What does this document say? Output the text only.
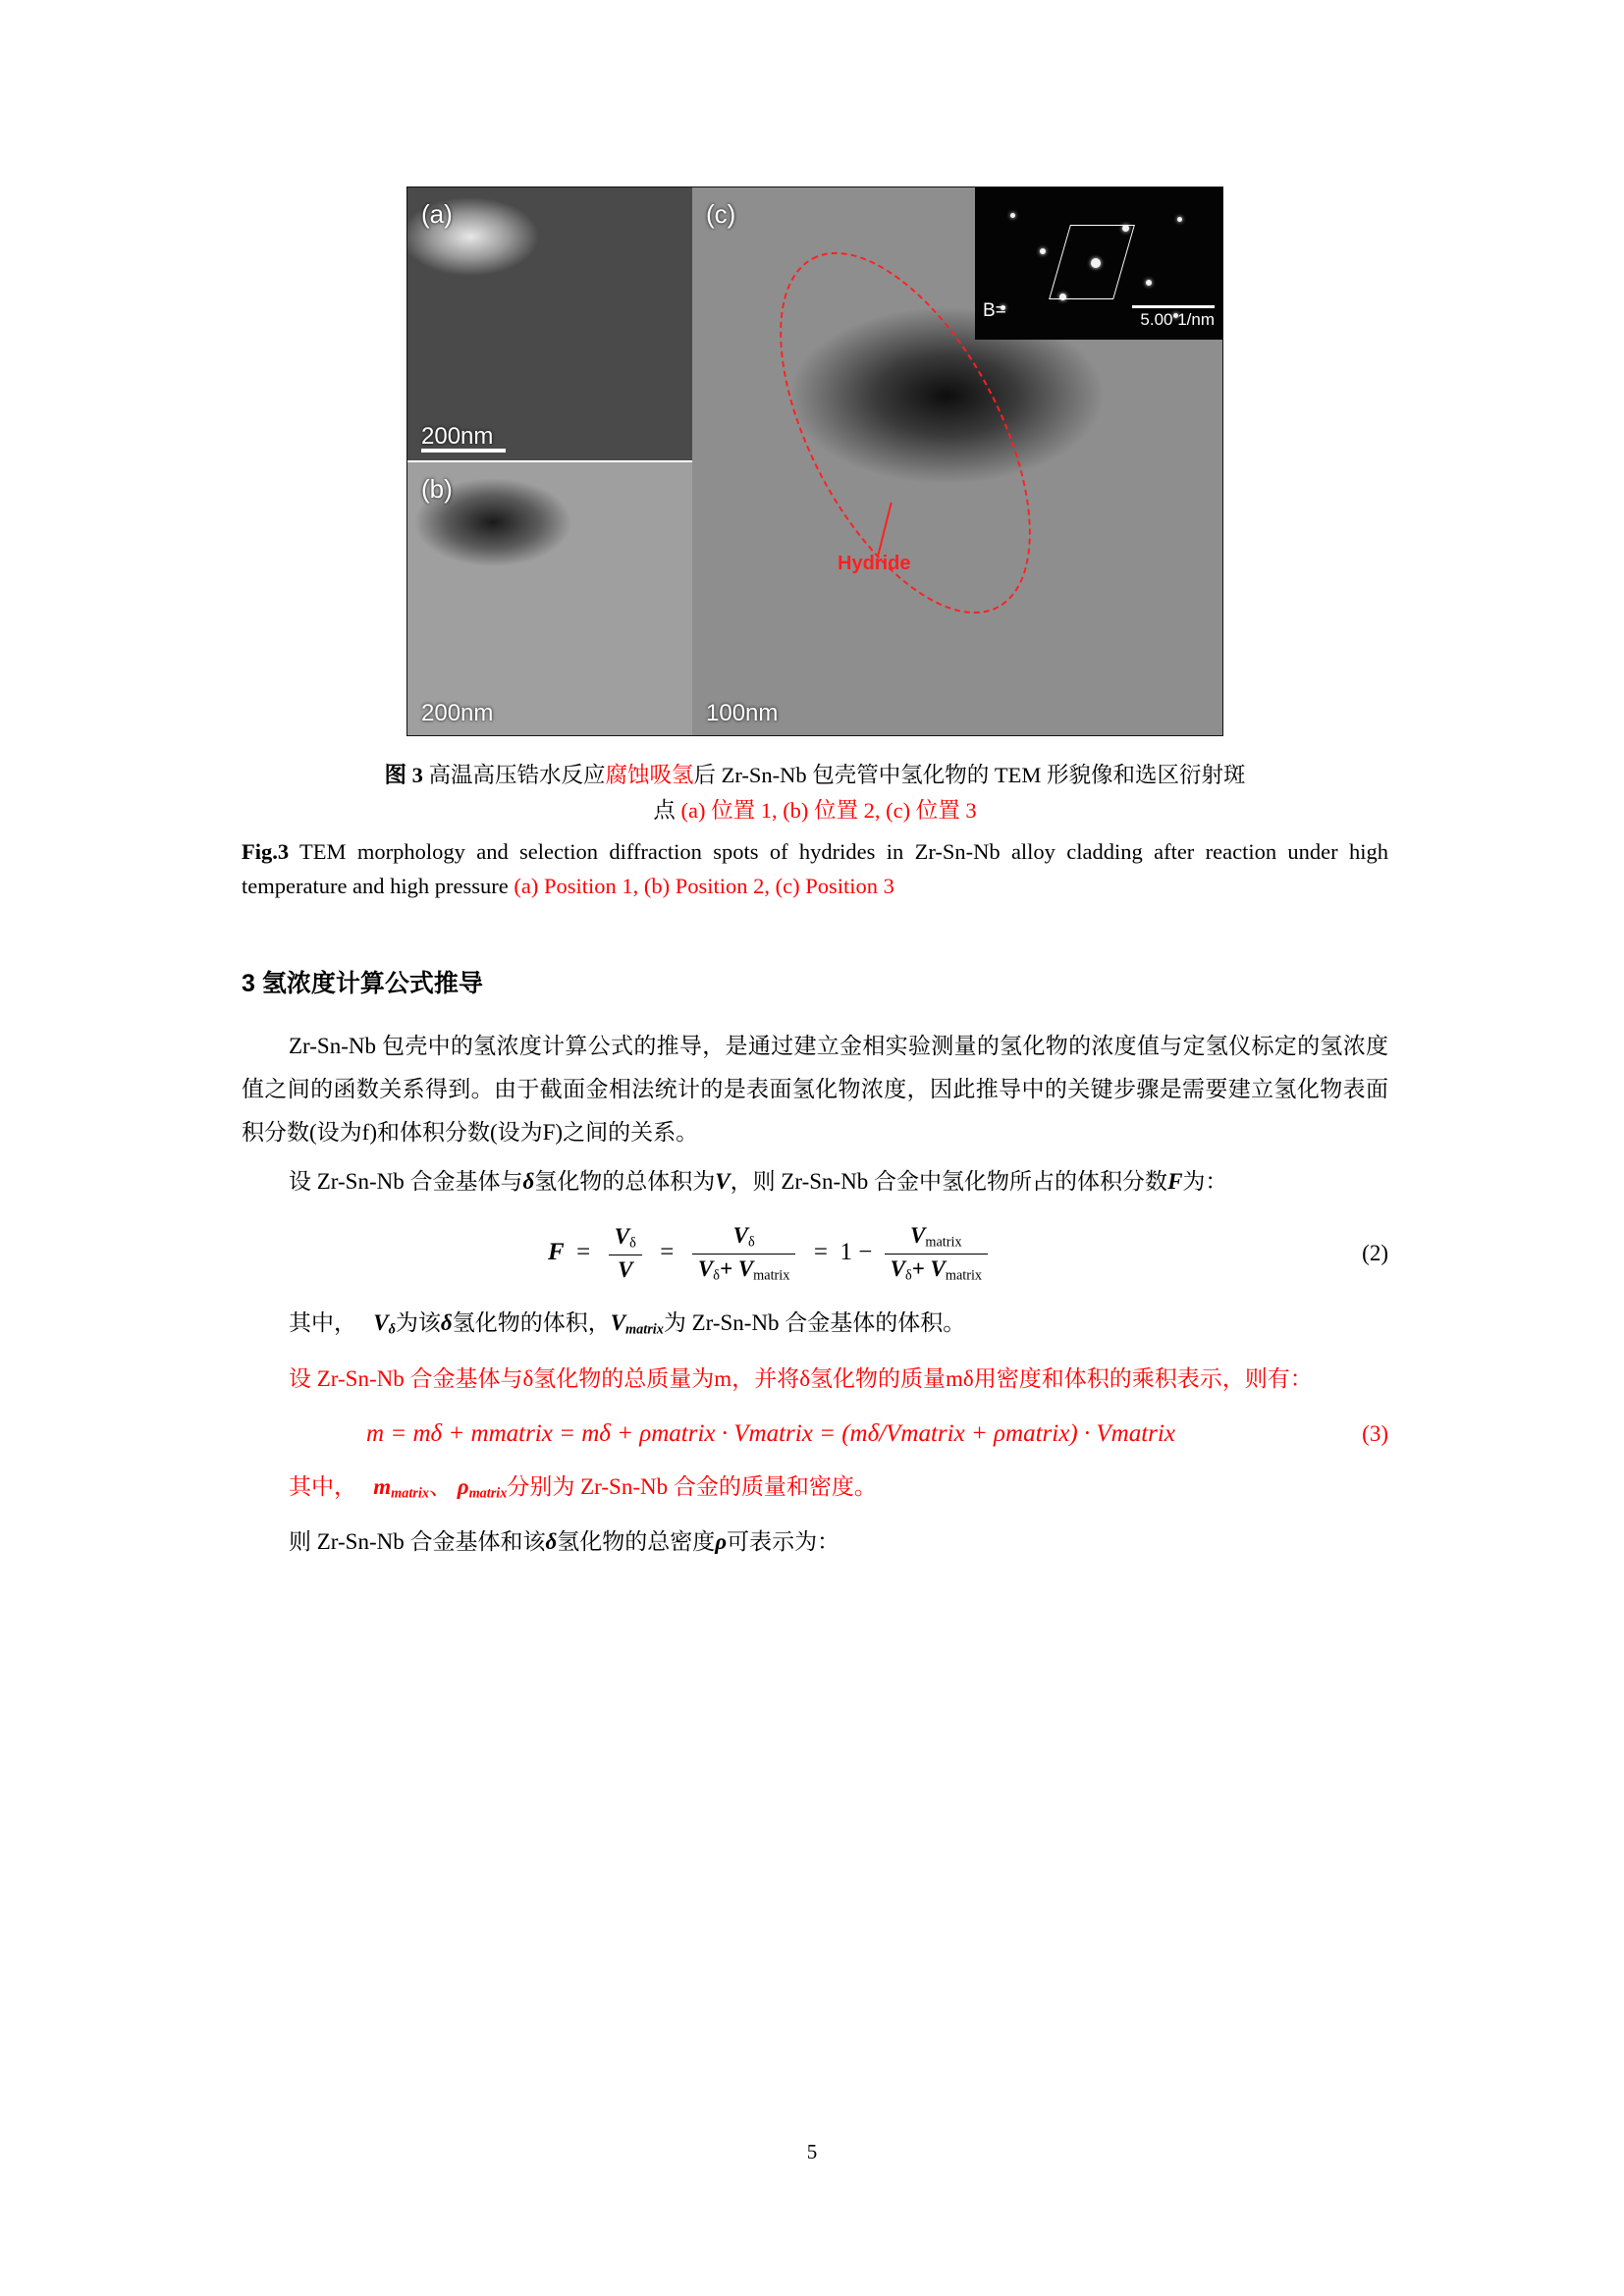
(a)
200nm
(b)
200nm
(c)
B=	5.00 1/nm
Hydride
100nm
图 3 高温高压锆水反应腐蚀吸氢后 Zr-Sn-Nb 包壳管中氢化物的 TEM 形貌像和选区衍射斑
点 (a) 位置 1, (b) 位置 2, (c) 位置 3
Fig.3 TEM morphology and selection diffraction spots of hydrides in Zr-Sn-Nb alloy cladding after reaction under high temperature and high pressure (a) Position 1, (b) Position 2, (c) Position 3
3 氢浓度计算公式推导

Zr-Sn-Nb 包壳中的氢浓度计算公式的推导，是通过建立金相实验测量的氢化物的浓度值与定氢仪标定的氢浓度值之间的函数关系得到。由于截面金相法统计的是表面氢化物浓度，因此推导中的关键步骤是需要建立氢化物表面积分数(设为f)和体积分数(设为F)之间的关系。

设 Zr-Sn-Nb 合金基体与δ氢化物的总体积为V，则 Zr-Sn-Nb 合金中氢化物所占的体积分数F为：

$F = \frac{V_\delta}{V} = \frac{V_\delta}{V_\delta+ V_{matrix}} = 1 - \frac{V_{matrix}}{V_\delta+ V_{matrix}}$	(2)

其中， $V_\delta$为该δ氢化物的体积，$V_{matrix}$为 Zr-Sn-Nb 合金基体的体积。

设 Zr-Sn-Nb 合金基体与δ氢化物的总质量为m，并将δ氢化物的质量mδ用密度和体积的乘积表示，则有：

m = mδ + mmatrix = mδ + ρmatrix · Vmatrix = (mδ/Vmatrix + ρmatrix) · Vmatrix	(3)

其中， $m_{matrix}$、 $\rho_{matrix}$分别为 Zr-Sn-Nb 合金的质量和密度。

则 Zr-Sn-Nb 合金基体和该δ氢化物的总密度ρ可表示为：

5
